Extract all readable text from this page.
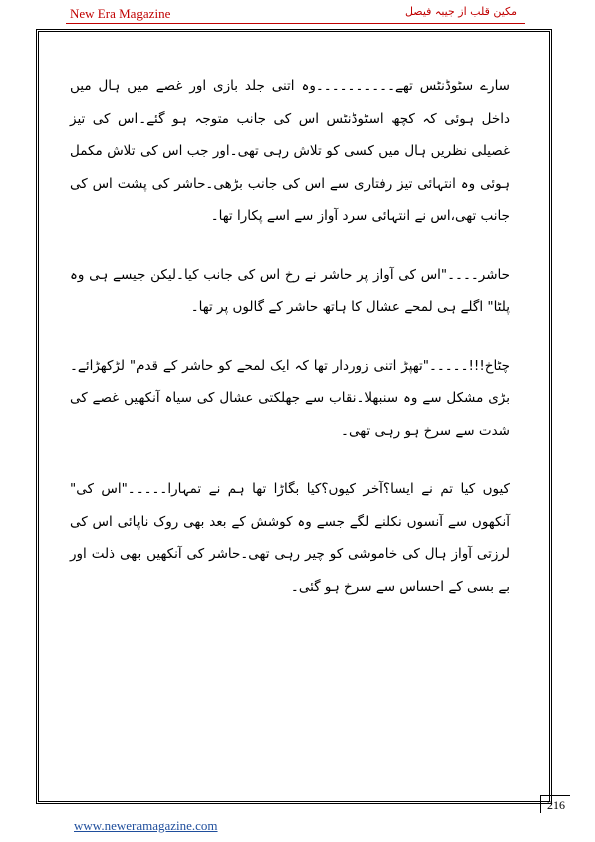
New Era Magazine	مکین قلب از جیبہ فیصل

سارے سٹوڈنٹس تھے۔۔۔۔۔۔۔۔۔۔وہ اتنی جلد بازی اور غصے میں ہال میں داخل ہوئی کہ کچھ اسٹوڈنٹس اس کی جانب متوجہ ہو گئے۔اس کی تیز غصیلی نظریں ہال میں کسی کو تلاش رہی تھی۔اور جب اس کی تلاش مکمل ہوئی وہ انتہائی تیز رفتاری سے اس کی جانب بڑھی۔حاشر کی پشت اس کی جانب تھی،اس نے انتہائی سرد آواز سے اسے پکارا تھا۔

حاشر۔۔۔۔"اس کی آواز پر حاشر نے رخ اس کی جانب کیا۔لیکن جیسے ہی وہ پلٹا" اگلے ہی لمحے عشال کا ہاتھ حاشر کے گالوں پر تھا۔

چٹاخ!!!۔۔۔۔۔"تھپڑ اتنی زوردار تھا کہ ایک لمحے کو حاشر کے قدم" لڑکھڑائے۔بڑی مشکل سے وہ سنبھلا۔نقاب سے جھلکتی عشال کی سیاہ آنکھیں غصے کی شدت سے سرخ ہو رہی تھی۔

کیوں کیا تم نے ایسا؟آخر کیوں؟کیا بگاڑا تھا ہم نے تمہارا۔۔۔۔۔"اس کی" آنکھوں سے آنسوں نکلنے لگے جسے وہ کوشش کے بعد بھی روک ناپائی اس کی لرزتی آواز ہال کی خاموشی کو چیر رہی تھی۔حاشر کی آنکھیں بھی ذلت اور بے بسی کے احساس سے سرخ ہو گئی۔

216
www.neweramagazine.com
